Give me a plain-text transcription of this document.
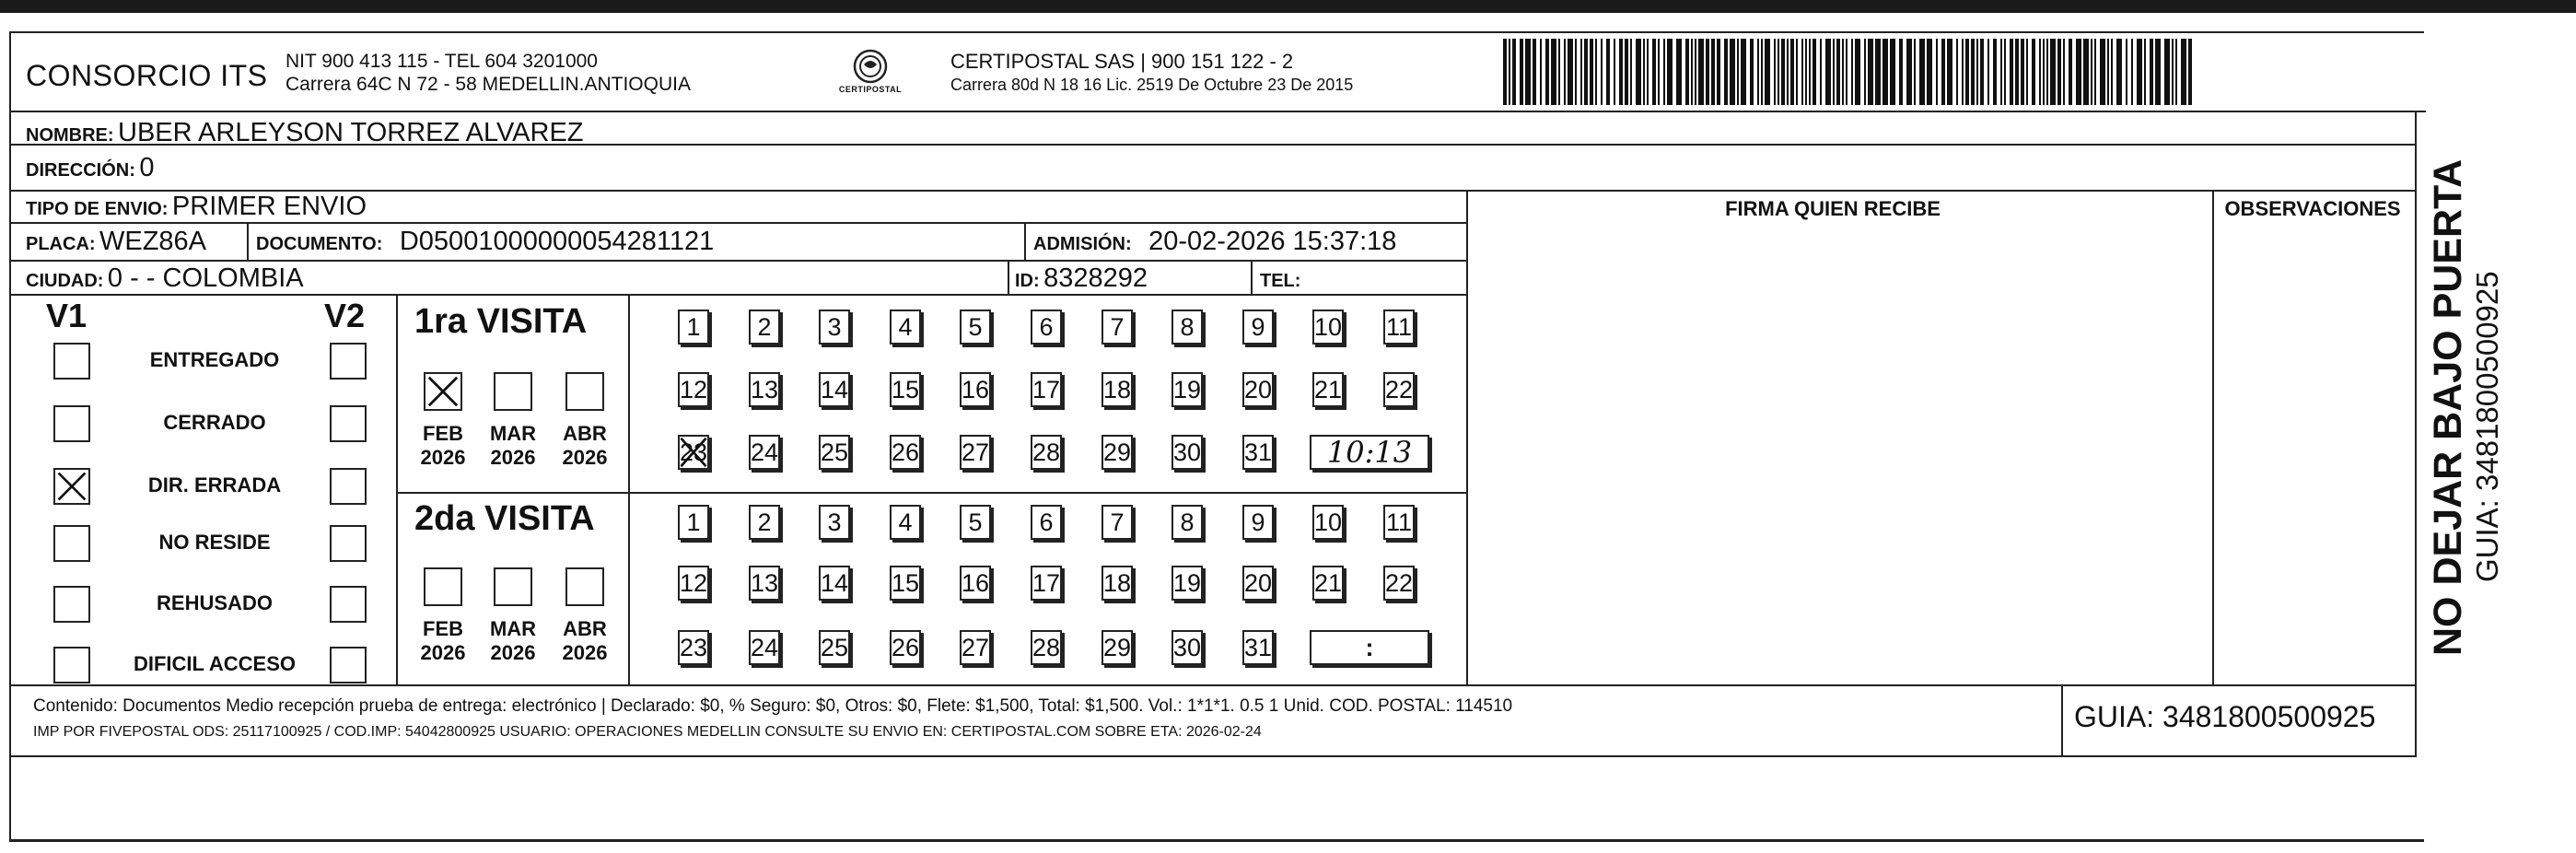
CONSORCIO ITS NIT 900 413 115 - TEL 604 3201000
Carrera 64C N 72 - 58 MEDELLIN.ANTIOQUIA	CERTIPOSTAL
CERTIPOSTAL SAS | 900 151 122 - 2
Carrera 80d N 18 16 Lic. 2519 De Octubre 23 De 2015
NOMBRE: UBER ARLEYSON TORREZ ALVAREZ
DIRECCIÓN: 0
TIPO DE ENVIO: PRIMER ENVIO	FIRMA QUIEN RECIBE	OBSERVACIONES
PLACA: WEZ86A	DOCUMENTO: D05001000000054281121	ADMISIÓN: 20-02-2026 15:37:18
CIUDAD: 0 - - COLOMBIA	ID: 8328292	TEL:
V1	V2
ENTREGADO
CERRADO
DIR. ERRADA
NO RESIDE
REHUSADO
DIFICIL ACCESO
1ra VISITA
FEB
2026
MAR
2026
ABR
2026
1	2	3	4	5	6	7	8	9	10 11
12 13 14 15 16 17 18 19 20 21 22
23 24 25 26 27 28 29 30 31	10:13
2da VISITA
FEB
2026
MAR
2026
ABR
2026
1	2	3	4	5	6	7	8	9	10 11
12 13 14 15 16 17 18 19 20 21 22
23 24 25 26 27 28 29 30 31	:
Contenido: Documentos Medio recepción prueba de entrega: electrónico | Declarado: $0, % Seguro: $0, Otros: $0, Flete: $1,500, Total: $1,500. Vol.: 1*1*1. 0.5 1 Unid. COD. POSTAL: 114510
IMP POR FIVEPOSTAL ODS: 25117100925 / COD.IMP: 54042800925 USUARIO: OPERACIONES MEDELLIN CONSULTE SU ENVIO EN: CERTIPOSTAL.COM SOBRE ETA: 2026-02-24	GUIA: 3481800500925
NO DEJAR BAJO PUERTA GUIA: 3481800500925
